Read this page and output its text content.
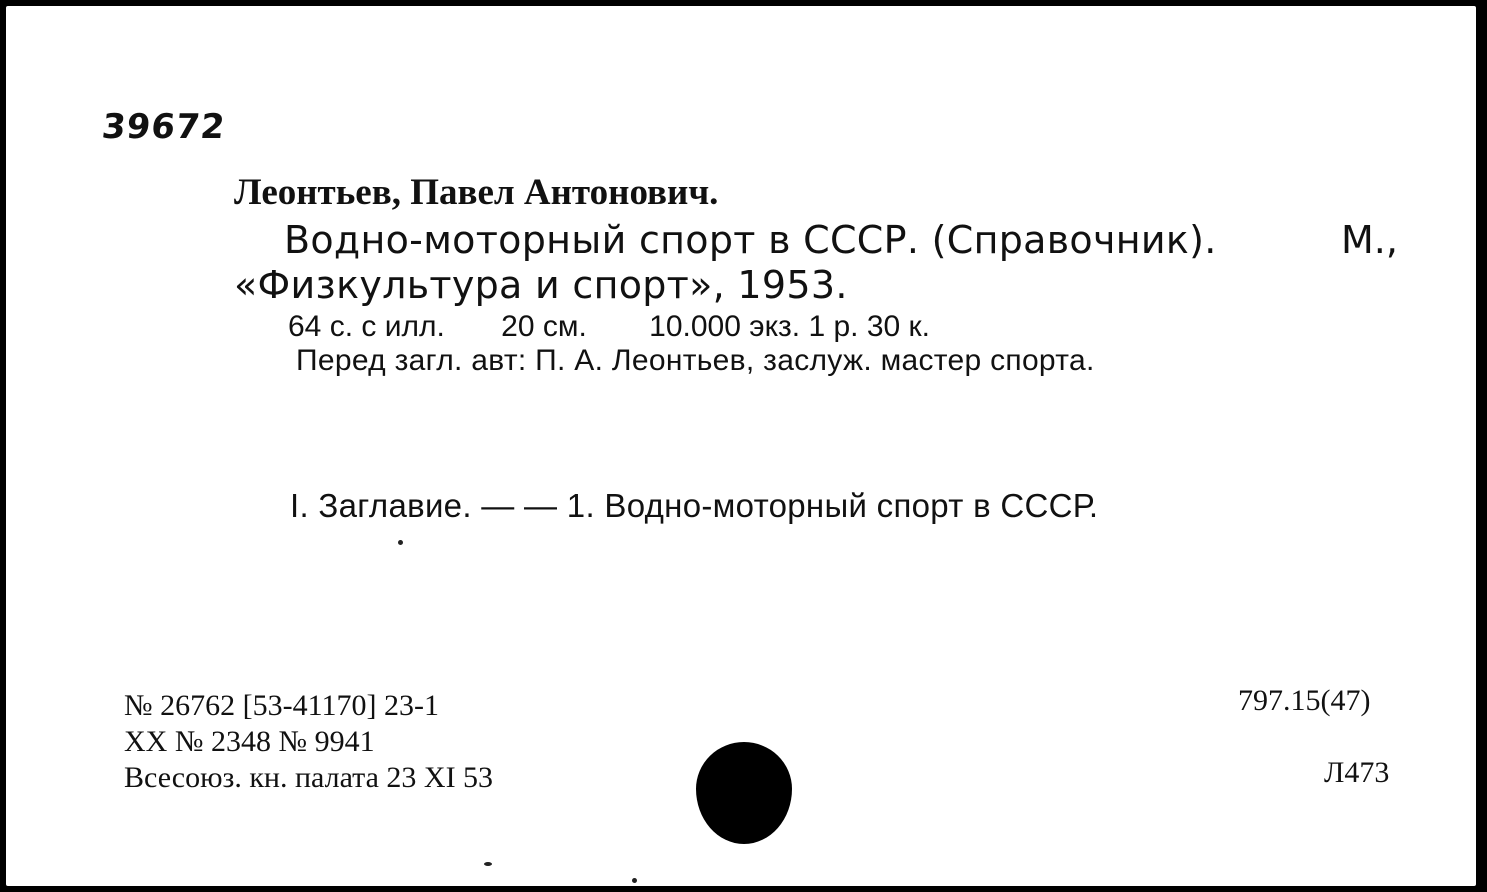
39672
Леонтьев, Павел Антонович.
Водно-моторный спорт в СССР. (Справочник).	М.,
«Физкультура и спорт», 1953.
64 с. с илл. 20 см. 10.000 экз. 1 р. 30 к.
Перед загл. авт: П. А. Леонтьев, заслуж. мастер спорта.
I. Заглавие. — — 1. Водно-моторный спорт в СССР.
№ 26762 [53-41170] 23-1
XX № 2348 № 9941
Всесоюз. кн. палата 23 XI 53
797.15(47)
Л473
